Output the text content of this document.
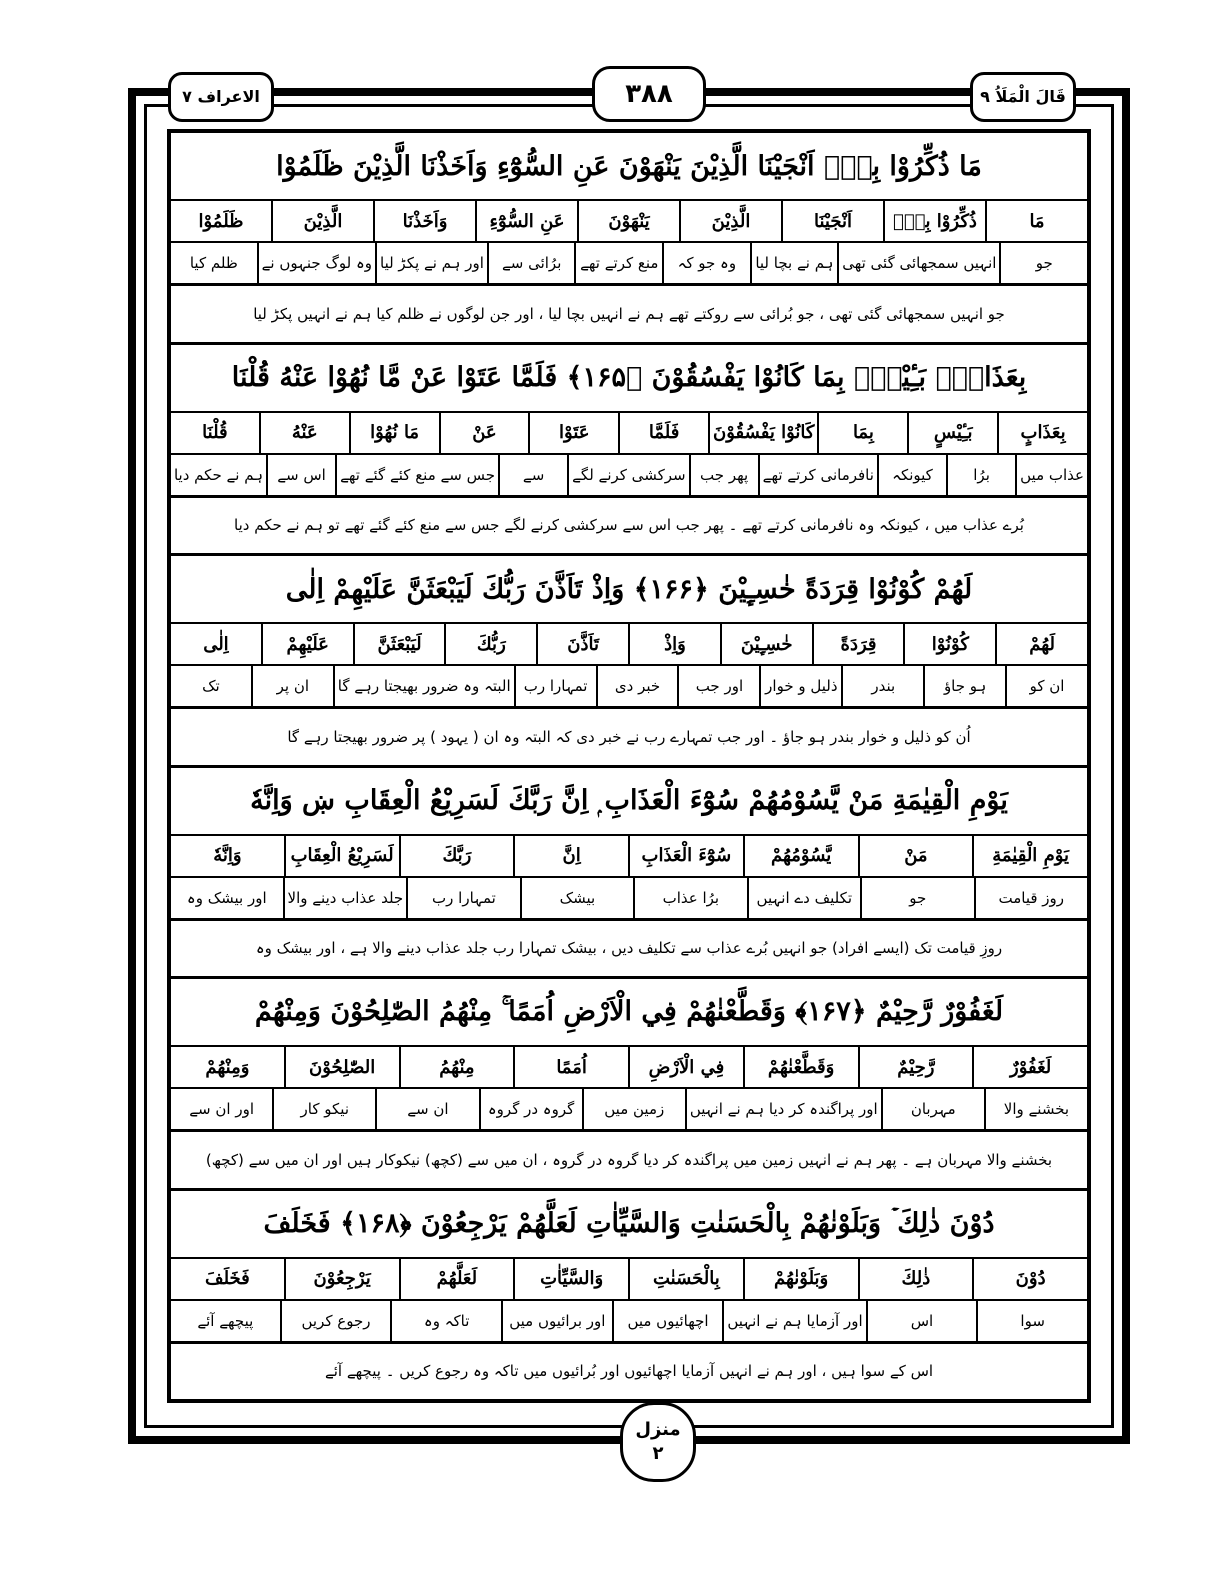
مَا ذُكِّرُوْا بِهٖٓ اَنْجَيْنَا الَّذِيْنَ يَنْهَوْنَ عَنِ السُّوْٓءِ وَاَخَذْنَا الَّذِيْنَ ظَلَمُوْا
مَا
ذُكِّرُوْا بِهٖٓ
اَنْجَيْنَا
الَّذِيْنَ
يَنْهَوْنَ
عَنِ السُّوْٓءِ
وَاَخَذْنَا
الَّذِيْنَ
ظَلَمُوْا
جو
انہیں سمجھائی گئی تھی
ہم نے بچا لیا
وہ جو کہ
منع کرتے تھے
برُائی سے
اور ہم نے پکڑ لیا
وہ لوگ جنہوں نے
ظلم کیا
جو انہیں سمجھائی گئی تھی ، جو بُرائی سے روکتے تھے ہم نے انہیں بچا لیا ، اور جن لوگوں نے ظلم کیا ہم نے انہیں پکڑ لیا
بِعَذَابٍۭ بَـِٔيْسٍۭ بِمَا كَانُوْا يَفْسُقُوْنَ ﴿۱۶۵﴾ فَلَمَّا عَتَوْا عَنْ مَّا نُهُوْا عَنْهُ قُلْنَا
بِعَذَابٍ
بَـِٔيْسٍ
بِمَا
كَانُوْا يَفْسُقُوْنَ
فَلَمَّا
عَتَوْا
عَنْ
مَا نُهُوْا
عَنْهُ
قُلْنَا
عذاب میں
برُا
کیونکہ
نافرمانی کرتے تھے
پھر جب
سرکشی کرنے لگے
سے
جس سے منع کئے گئے تھے
اس سے
ہم نے حکم دیا
بُرے عذاب میں ، کیونکہ وہ نافرمانی کرتے تھے ۔ پھر جب اس سے سرکشی کرنے لگے جس سے منع کئے گئے تھے تو ہم نے حکم دیا
لَهُمْ كُوْنُوْا قِرَدَةً خٰسِـِٕيْنَ ﴿۱۶۶﴾ وَاِذْ تَاَذَّنَ رَبُّكَ لَيَبْعَثَنَّ عَلَيْهِمْ اِلٰى
لَهُمْ
كُوْنُوْا
قِرَدَةً
خٰسِـِٕيْنَ
وَاِذْ
تَاَذَّنَ
رَبُّكَ
لَيَبْعَثَنَّ
عَلَيْهِمْ
اِلٰى
ان کو
ہو جاؤ
بندر
ذلیل و خوار
اور جب
خبر دی
تمہارا رب
البتہ وہ ضرور بھیجتا رہے گا
ان پر
تک
اُن کو ذلیل و خوار بندر ہو جاؤ ۔ اور جب تمہارے رب نے خبر دی کہ البتہ وہ ان ( یہود ) پر ضرور بھیجتا رہے گا
يَوْمِ الْقِيٰمَةِ مَنْ يَّسُوْمُهُمْ سُوْٓءَ الْعَذَابِ ۭ اِنَّ رَبَّكَ لَسَرِيْعُ الْعِقَابِ ښ وَاِنَّهٗ
يَوْمِ الْقِيٰمَةِ
مَنْ
يَّسُوْمُهُمْ
سُوْٓءَ الْعَذَابِ
اِنَّ
رَبَّكَ
لَسَرِيْعُ الْعِقَابِ
وَاِنَّهٗ
روز قیامت
جو
تکلیف دے انہیں
برُا عذاب
بیشک
تمہارا رب
جلد عذاب دینے والا
اور بیشک وہ
روزِ قیامت تک (ایسے افراد) جو انہیں بُرے عذاب سے تکلیف دیں ، بیشک تمہارا رب جلد عذاب دینے والا ہے ، اور بیشک وہ
لَغَفُوْرٌ رَّحِيْمٌ ﴿۱۶۷﴾ وَقَطَّعْنٰهُمْ فِي الْاَرْضِ اُمَمًا ۚ مِنْهُمُ الصّٰلِحُوْنَ وَمِنْهُمْ
لَغَفُوْرٌ
رَّحِيْمٌ
وَقَطَّعْنٰهُمْ
فِي الْاَرْضِ
اُمَمًا
مِنْهُمُ
الصّٰلِحُوْنَ
وَمِنْهُمْ
بخشنے والا
مہربان
اور پراگندہ کر دیا ہم نے انہیں
زمین میں
گروہ در گروہ
ان سے
نیکو کار
اور ان سے
بخشنے والا مہربان ہے ۔ پھر ہم نے انہیں زمین میں پراگندہ کر دیا گروہ در گروہ ، ان میں سے (کچھ) نیکوکار ہیں اور ان میں سے (کچھ)
دُوْنَ ذٰلِكَ ۡ وَبَلَوْنٰهُمْ بِالْحَسَنٰتِ وَالسَّيِّاٰتِ لَعَلَّهُمْ يَرْجِعُوْنَ ﴿۱۶۸﴾ فَخَلَفَ
دُوْنَ
ذٰلِكَ
وَبَلَوْنٰهُمْ
بِالْحَسَنٰتِ
وَالسَّيِّاٰتِ
لَعَلَّهُمْ
يَرْجِعُوْنَ
فَخَلَفَ
سوا
اس
اور آزمایا ہم نے انہیں
اچھائیوں میں
اور برائیوں میں
تاکہ وہ
رجوع کریں
پیچھے آئے
اس کے سوا ہیں ، اور ہم نے انہیں آزمایا اچھائیوں اور بُرائیوں میں تاکہ وہ رجوع کریں ۔ پیچھے آئے
الاعراف ۷	۳۸۸	قَالَ الْمَلَاُ ۹
منزل
۲
